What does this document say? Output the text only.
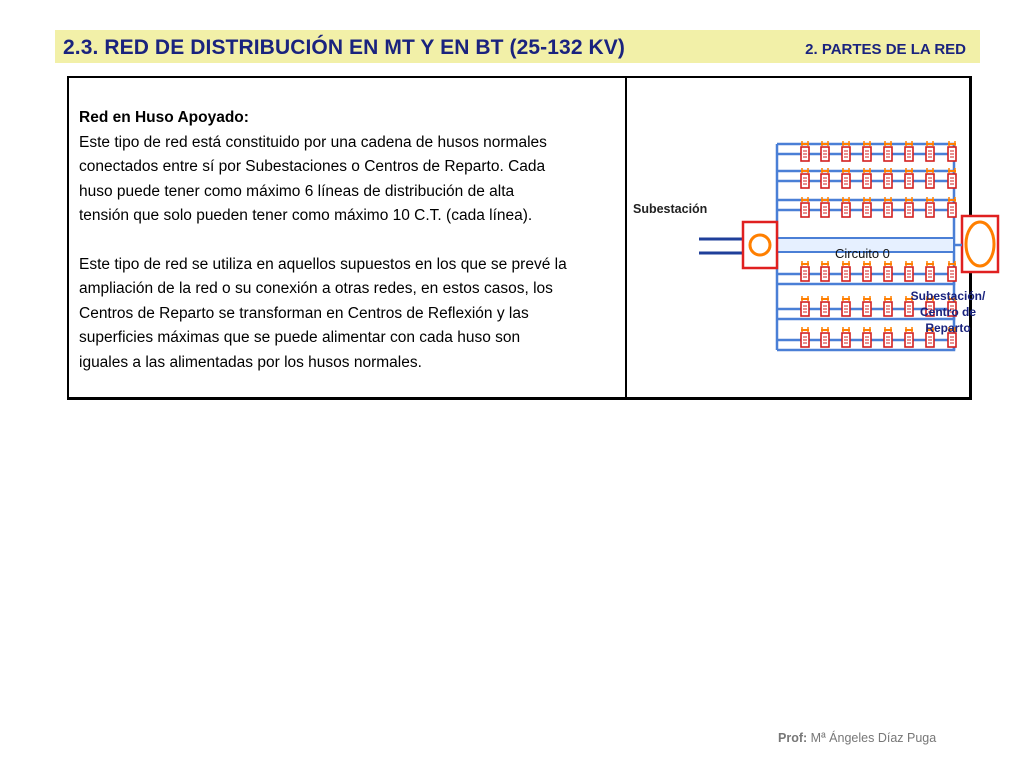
2.3. RED DE DISTRIBUCIÓN EN MT Y EN BT (25-132 KV)	2. PARTES DE LA RED

Red en Huso Apoyado:

Este tipo de red está constituido por una cadena de husos normales

conectados entre sí por Subestaciones o Centros de Reparto. Cada

huso puede tener como máximo 6 líneas de distribución de alta

tensión que solo pueden tener como máximo 10 C.T. (cada línea).

Este tipo de red se utiliza en aquellos supuestos en los que se prevé la

ampliación de la red o su conexión a otras redes, en estos casos, los

Centros de Reparto se transforman en Centros de Reflexión y las

superficies máximas que se puede alimentar con cada huso son

iguales a las alimentadas por los husos normales.

Subestación
Circuito 0
Subestación/
Centro de
Reparto
Prof: Mª Ángeles Díaz Puga
